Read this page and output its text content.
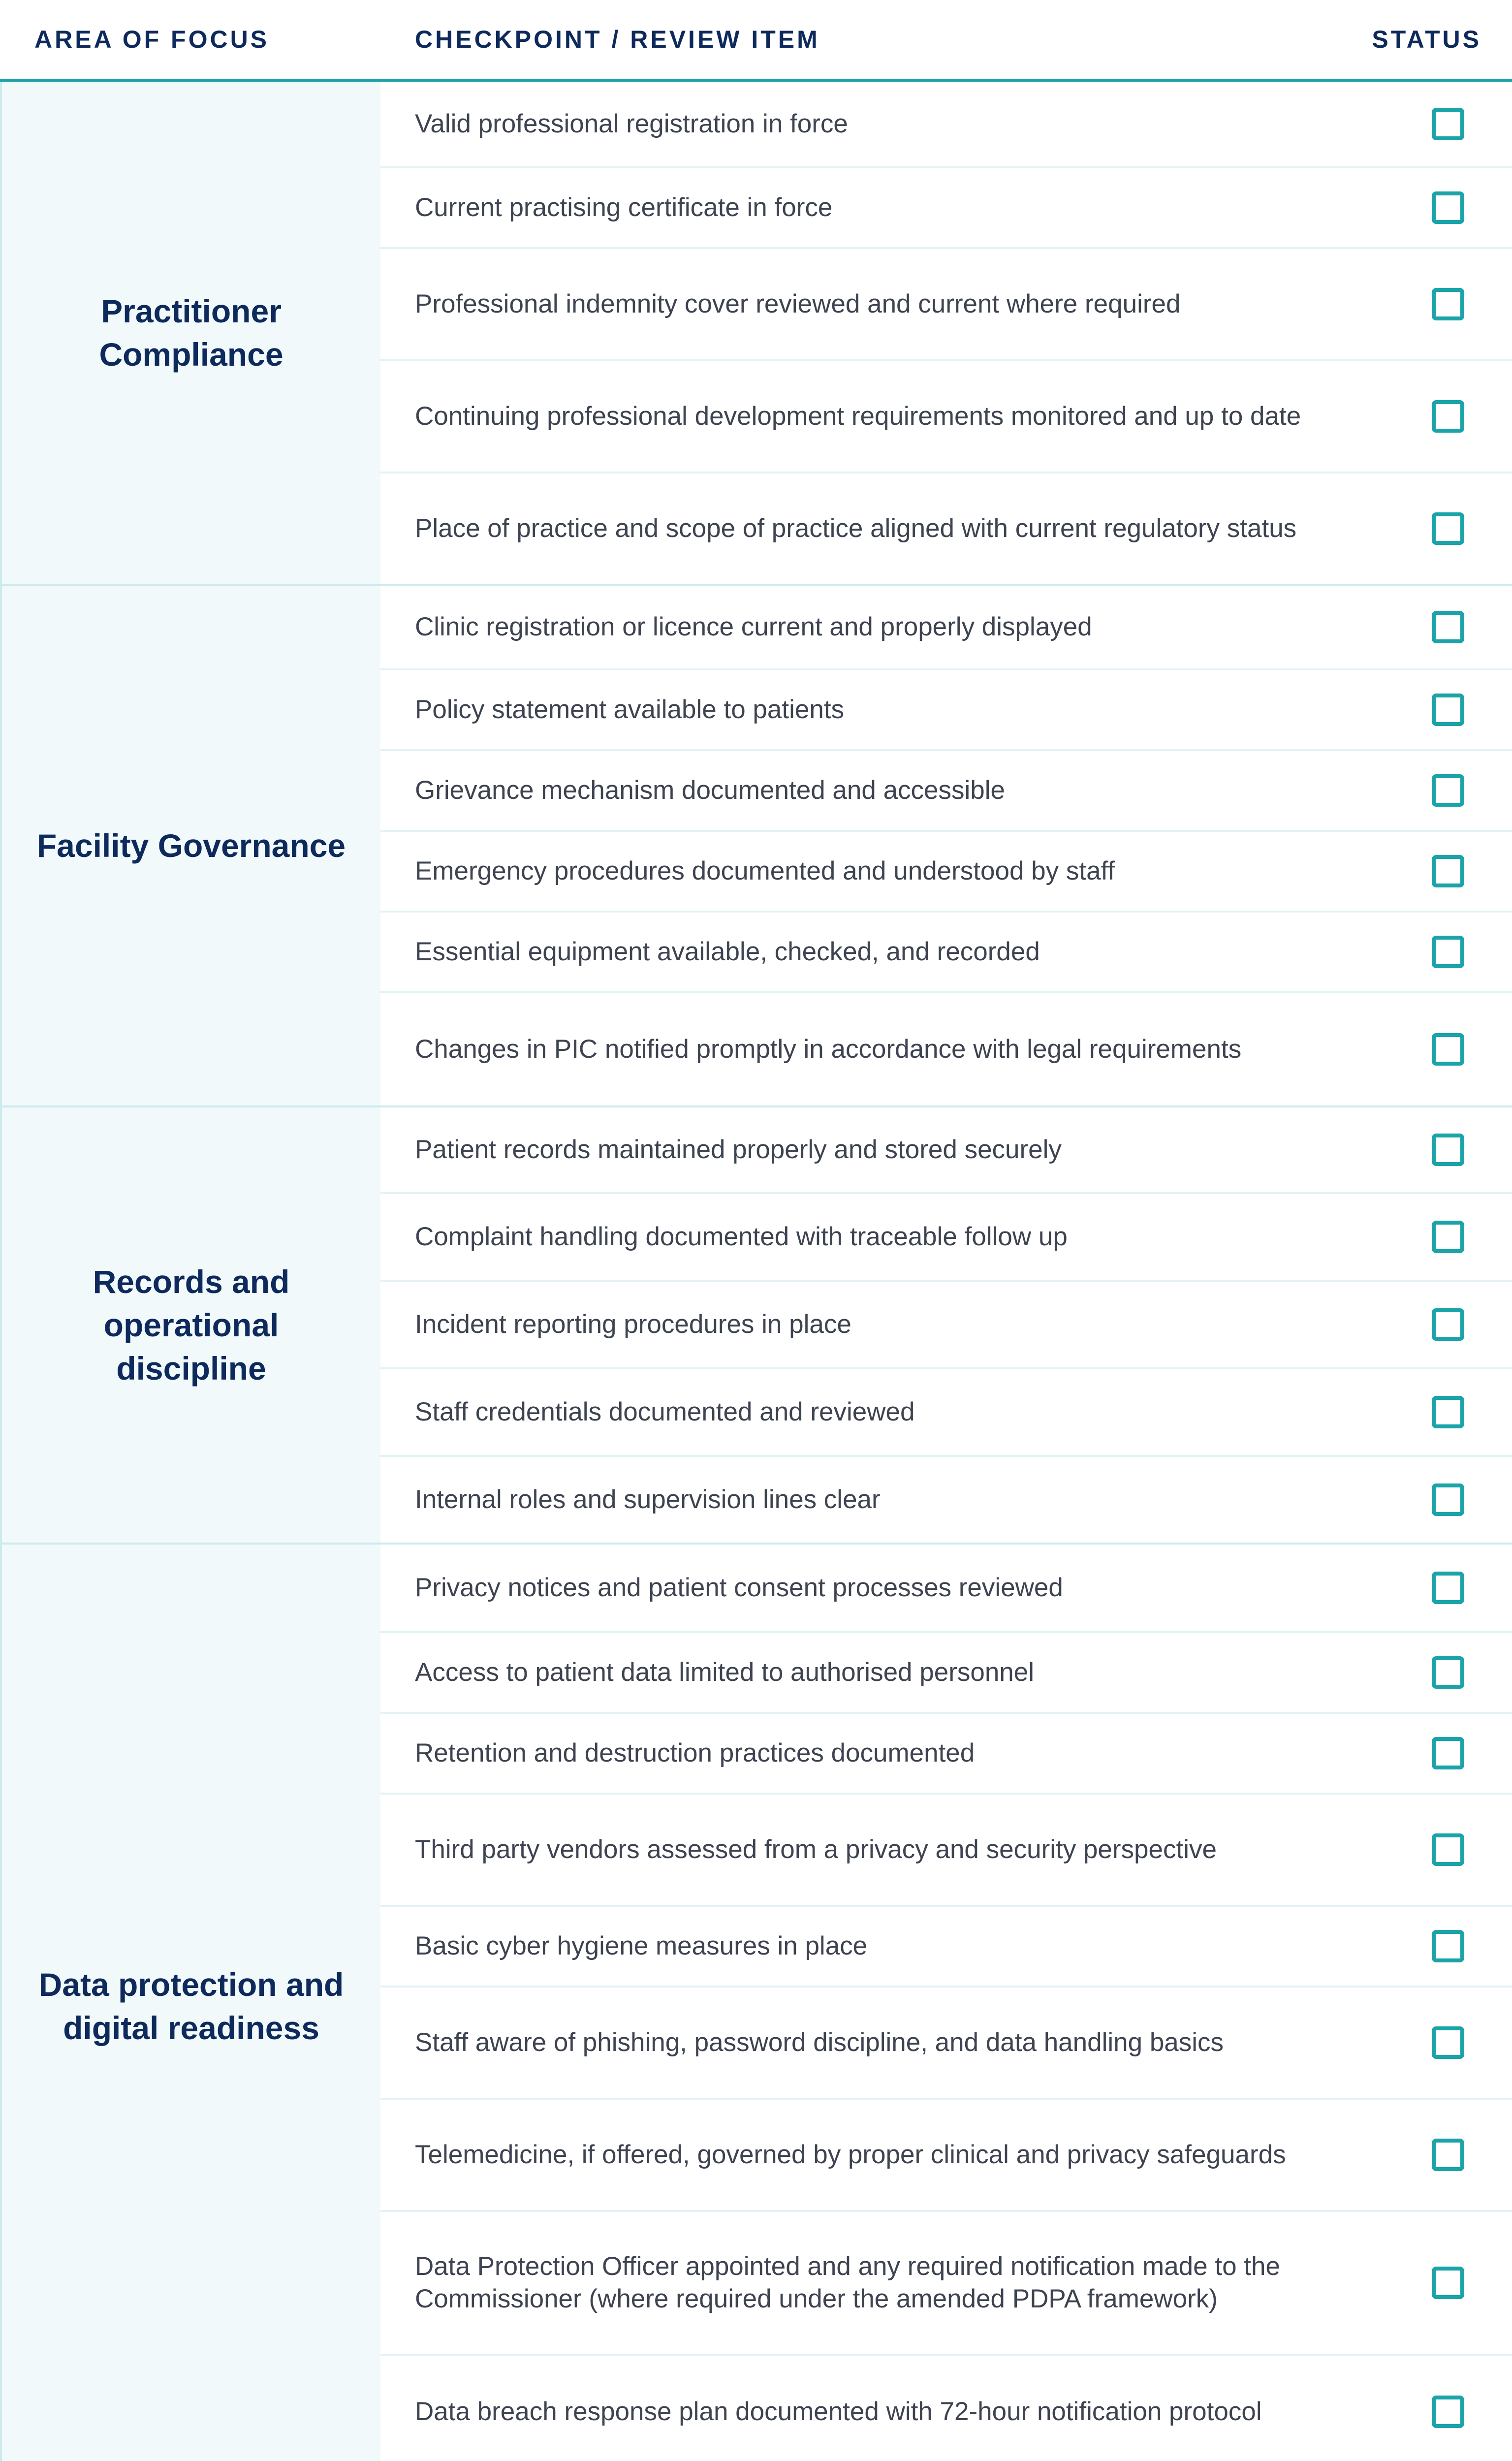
AREA OF FOCUS	CHECKPOINT / REVIEW ITEM	STATUS
Practitioner Compliance
Valid professional registration in force
Current practising certificate in force
Professional indemnity cover reviewed and current where required
Continuing professional development requirements monitored and up to date
Place of practice and scope of practice aligned with current regulatory status
Facility Governance
Clinic registration or licence current and properly displayed
Policy statement available to patients
Grievance mechanism documented and accessible
Emergency procedures documented and understood by staff
Essential equipment available, checked, and recorded
Changes in PIC notified promptly in accordance with legal requirements
Records and operational discipline
Patient records maintained properly and stored securely
Complaint handling documented with traceable follow up
Incident reporting procedures in place
Staff credentials documented and reviewed
Internal roles and supervision lines clear
Data protection and digital readiness
Privacy notices and patient consent processes reviewed
Access to patient data limited to authorised personnel
Retention and destruction practices documented
Third party vendors assessed from a privacy and security perspective
Basic cyber hygiene measures in place
Staff aware of phishing, password discipline, and data handling basics
Telemedicine, if offered, governed by proper clinical and privacy safeguards
Data Protection Officer appointed and any required notification made to the Commissioner (where required under the amended PDPA framework)
Data breach response plan documented with 72-hour notification protocol
